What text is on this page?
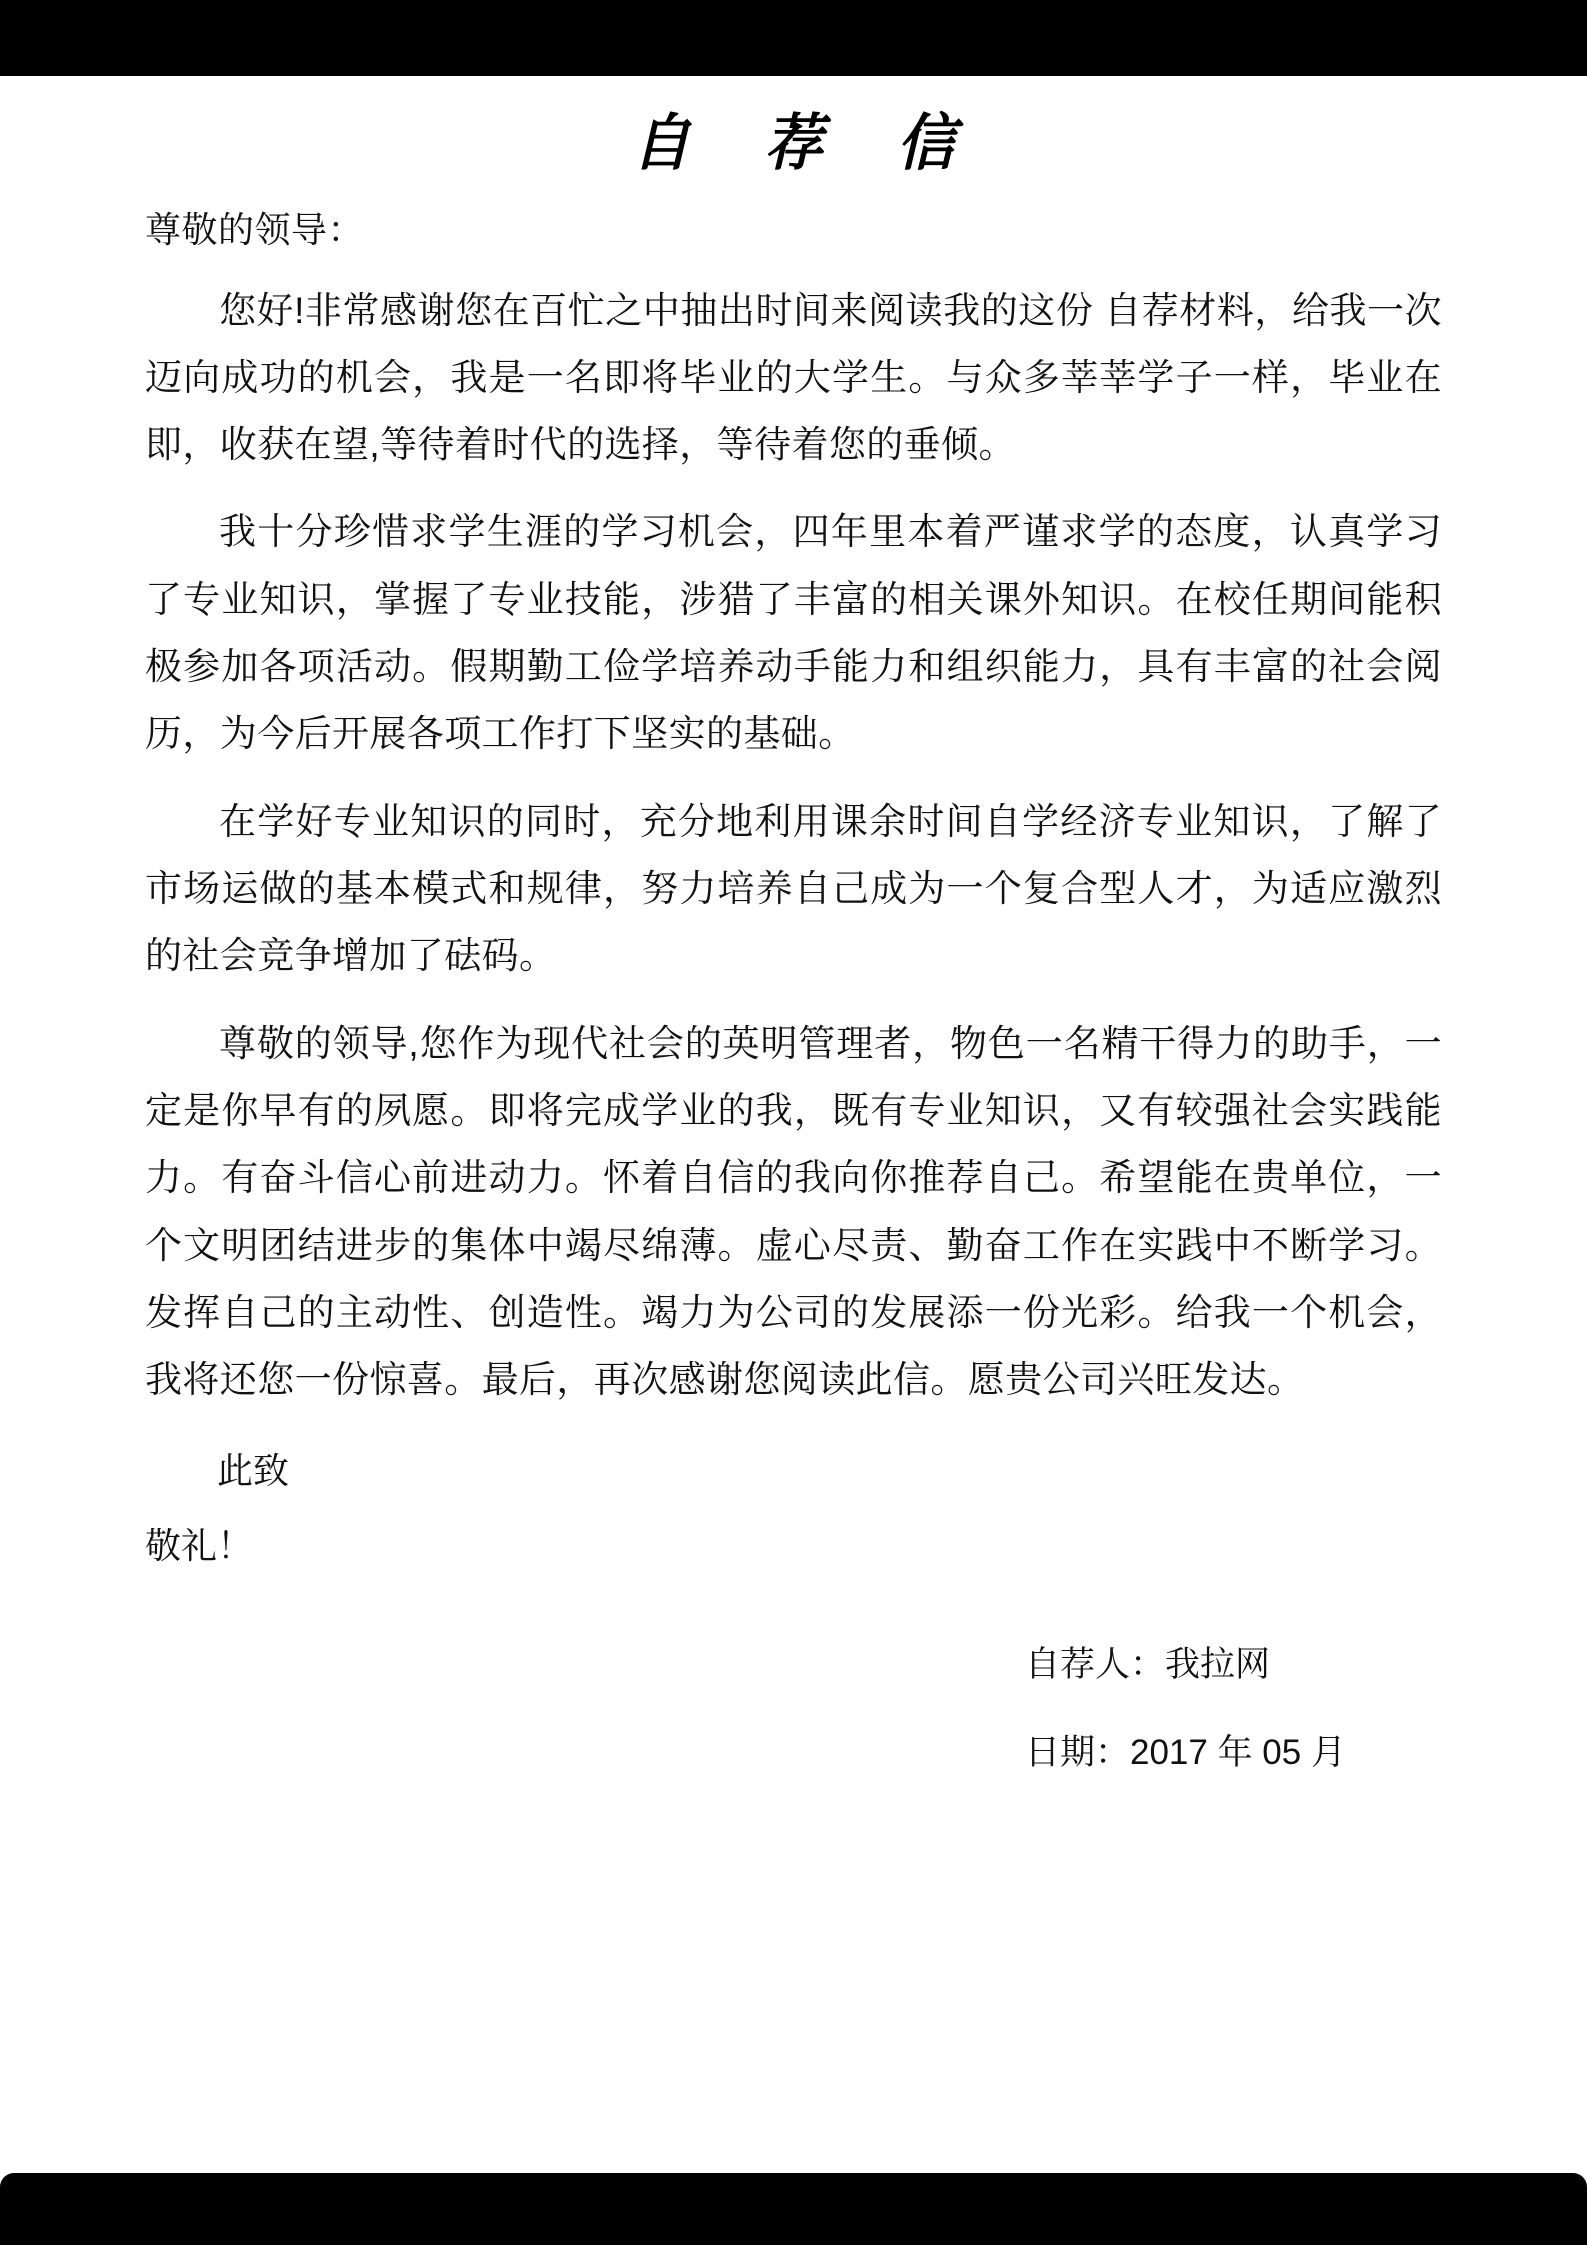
自 荐 信

尊敬的领导：

您好!非常感谢您在百忙之中抽出时间来阅读我的这份 自荐材料，给我一次迈向成功的机会，我是一名即将毕业的大学生。与众多莘莘学子一样，毕业在即，收获在望,等待着时代的选择，等待着您的垂倾。

我十分珍惜求学生涯的学习机会，四年里本着严谨求学的态度，认真学习了专业知识，掌握了专业技能，涉猎了丰富的相关课外知识。在校任期间能积极参加各项活动。假期勤工俭学培养动手能力和组织能力，具有丰富的社会阅历，为今后开展各项工作打下坚实的基础。

在学好专业知识的同时，充分地利用课余时间自学经济专业知识，了解了市场运做的基本模式和规律，努力培养自己成为一个复合型人才，为适应激烈的社会竞争增加了砝码。

尊敬的领导,您作为现代社会的英明管理者，物色一名精干得力的助手，一定是你早有的夙愿。即将完成学业的我，既有专业知识，又有较强社会实践能力。有奋斗信心前进动力。怀着自信的我向你推荐自己。希望能在贵单位，一个文明团结进步的集体中竭尽绵薄。虚心尽责、勤奋工作在实践中不断学习。发挥自己的主动性、创造性。竭力为公司的发展添一份光彩。给我一个机会，我将还您一份惊喜。最后，再次感谢您阅读此信。愿贵公司兴旺发达。

此致

敬礼！

自荐人：我拉网

日期：2017 年 05 月
